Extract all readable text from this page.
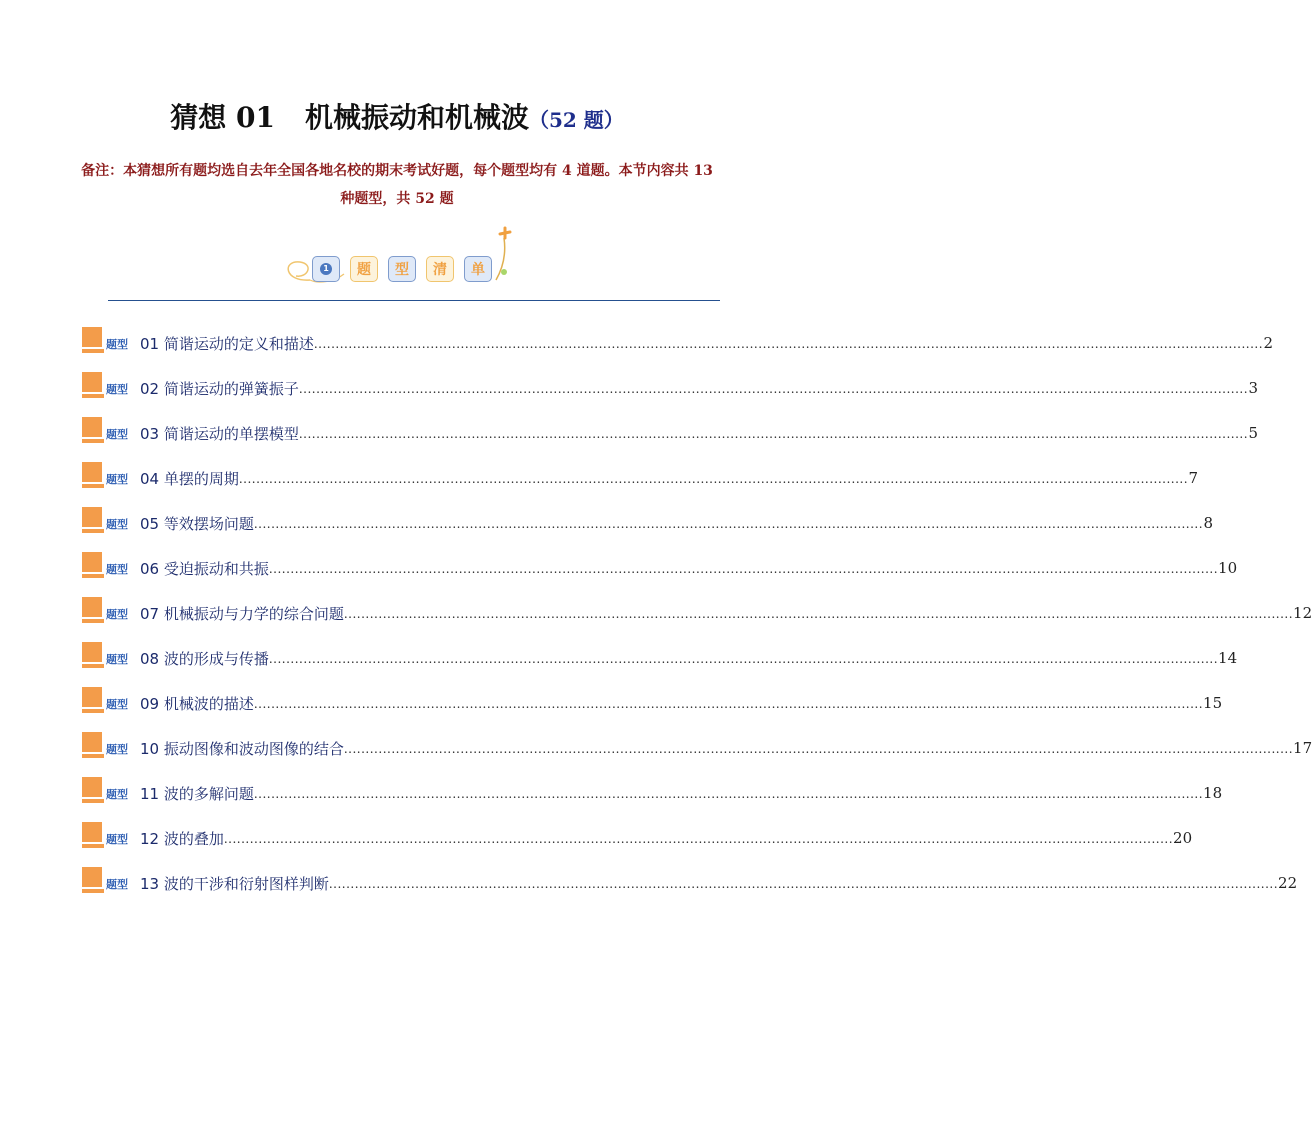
猜想 01 机械振动和机械波（52 题）
备注：本猜想所有题均选自去年全国各地名校的期末考试好题，每个题型均有 4 道题。本节内容共 13 种题型，共 52 题
1	题	型	清	单
题型 01 简谐运动的定义和描述 ............................................................................................................................................................................................................................ 2
题型 02 简谐运动的弹簧振子 ............................................................................................................................................................................................................................ 3
题型 03 简谐运动的单摆模型 ............................................................................................................................................................................................................................ 5
题型 04 单摆的周期 ............................................................................................................................................................................................................................ 7
题型 05 等效摆场问题 ............................................................................................................................................................................................................................ 8
题型 06 受迫振动和共振 ............................................................................................................................................................................................................................ 10
题型 07 机械振动与力学的综合问题 ............................................................................................................................................................................................................................ 12
题型 08 波的形成与传播 ............................................................................................................................................................................................................................ 14
题型 09 机械波的描述 ............................................................................................................................................................................................................................ 15
题型 10 振动图像和波动图像的结合 ............................................................................................................................................................................................................................ 17
题型 11 波的多解问题 ............................................................................................................................................................................................................................ 18
题型 12 波的叠加 ............................................................................................................................................................................................................................ 20
题型 13 波的干涉和衍射图样判断 ............................................................................................................................................................................................................................ 22
